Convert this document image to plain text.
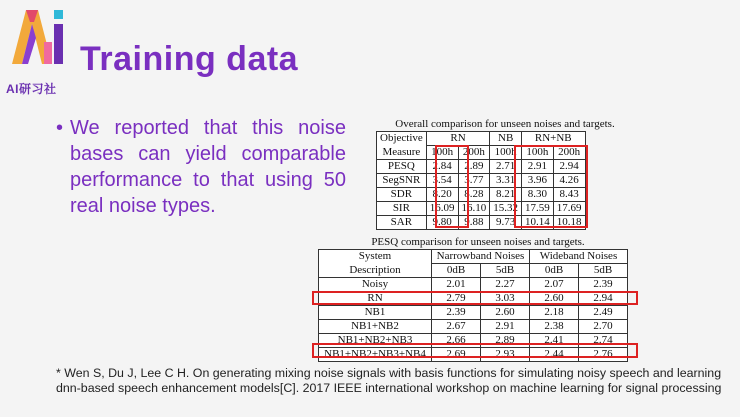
AI研习社
Training data
• We reported that this noise bases can yield comparable performance to that using 50 real noise types.
Overall comparison for unseen noises and targets.
Objective	RN		NB	RN+NB	
Measure	100h	200h	100h	100h	200h
PESQ	2.84	2.89	2.71	2.91	2.94
SegSNR	3.54	3.77	3.31	3.96	4.26
SDR	8.20	8.28	8.21	8.30	8.43
SIR	16.09	16.10	15.32	17.59	17.69
SAR	9.80	9.88	9.73	10.14	10.18
PESQ comparison for unseen noises and targets.
System	Narrowband Noises		Wideband Noises	
Description	0dB	5dB	0dB	5dB
Noisy	2.01	2.27	2.07	2.39
RN	2.79	3.03	2.60	2.94
NB1	2.39	2.60	2.18	2.49
NB1+NB2	2.67	2.91	2.38	2.70
NB1+NB2+NB3	2.66	2.89	2.41	2.74
NB1+NB2+NB3+NB4	2.69	2.93	2.44	2.76
* Wen S, Du J, Lee C H. On generating mixing noise signals with basis functions for simulating noisy speech and learning dnn-based speech enhancement models[C]. 2017 IEEE international workshop on machine learning for signal processing
